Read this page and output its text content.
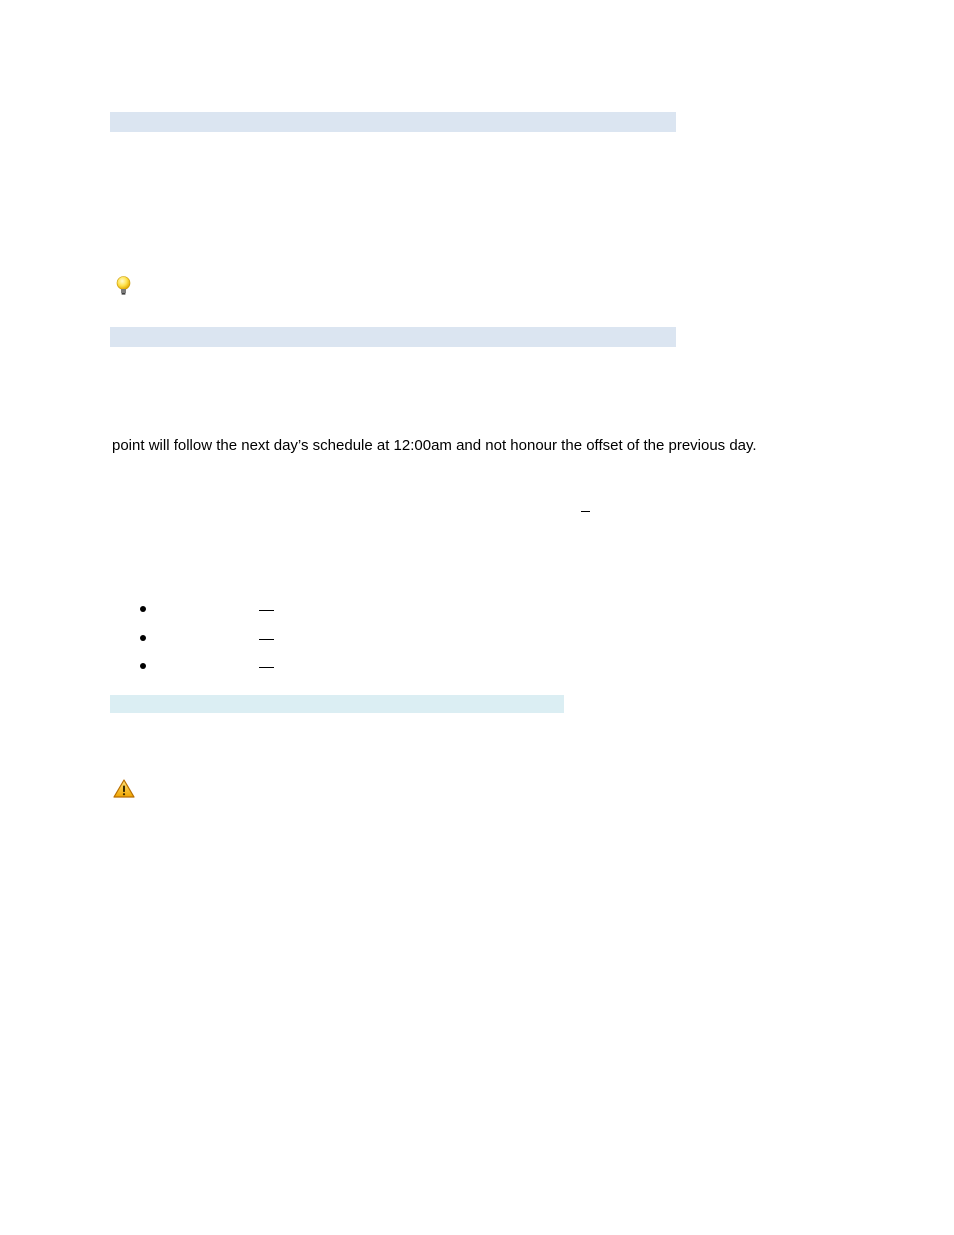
point will follow the next day’s schedule at 12:00am and not honour the offset of the previous day.
